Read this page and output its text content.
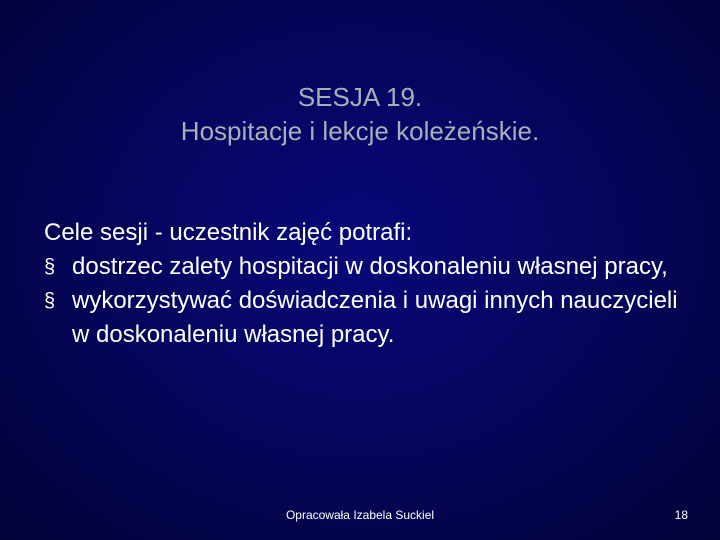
SESJA 19.
Hospitacje i lekcje koleżeńskie.
Cele sesji - uczestnik zajęć potrafi:
§ dostrzec zalety hospitacji w doskonaleniu własnej pracy,
§ wykorzystywać doświadczenia i uwagi innych nauczycieli w doskonaleniu własnej pracy.
Opracowała Izabela Suckiel	18
